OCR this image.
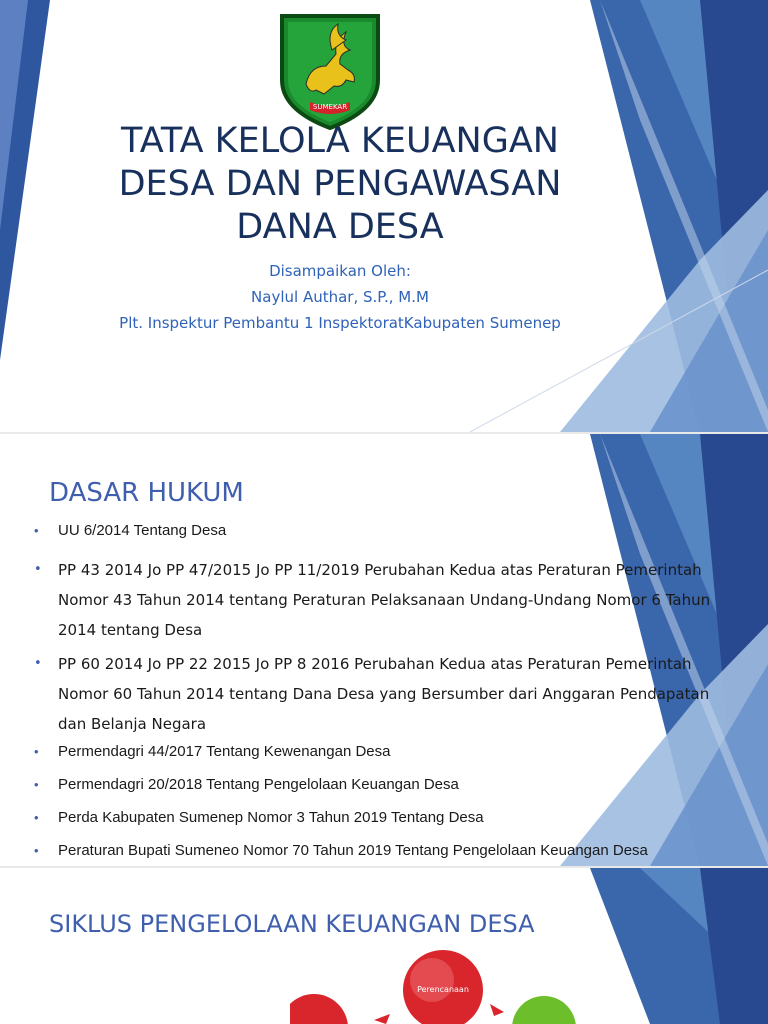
SUMEKAR
TATA KELOLA KEUANGAN
DESA DAN PENGAWASAN
DANA DESA
Disampaikan Oleh:
Naylul Authar, S.P., M.M
Plt. Inspektur Pembantu 1 InspektoratKabupaten Sumenep
DASAR HUKUM
• UU 6/2014 Tentang Desa
• PP 43 2014 Jo PP 47/2015 Jo PP 11/2019 Perubahan Kedua atas Peraturan Pemerintah Nomor 43 Tahun 2014 tentang Peraturan Pelaksanaan Undang-Undang Nomor 6 Tahun 2014 tentang Desa
• PP 60 2014 Jo PP 22 2015 Jo PP 8 2016 Perubahan Kedua atas Peraturan Pemerintah Nomor 60 Tahun 2014 tentang Dana Desa yang Bersumber dari Anggaran Pendapatan dan Belanja Negara
• Permendagri 44/2017 Tentang Kewenangan Desa
• Permendagri 20/2018 Tentang Pengelolaan Keuangan Desa
• Perda Kabupaten Sumenep Nomor 3 Tahun 2019 Tentang Desa
• Peraturan Bupati Sumeneo Nomor 70 Tahun 2019 Tentang Pengelolaan Keuangan Desa
SIKLUS PENGELOLAAN KEUANGAN DESA
Perencanaan
